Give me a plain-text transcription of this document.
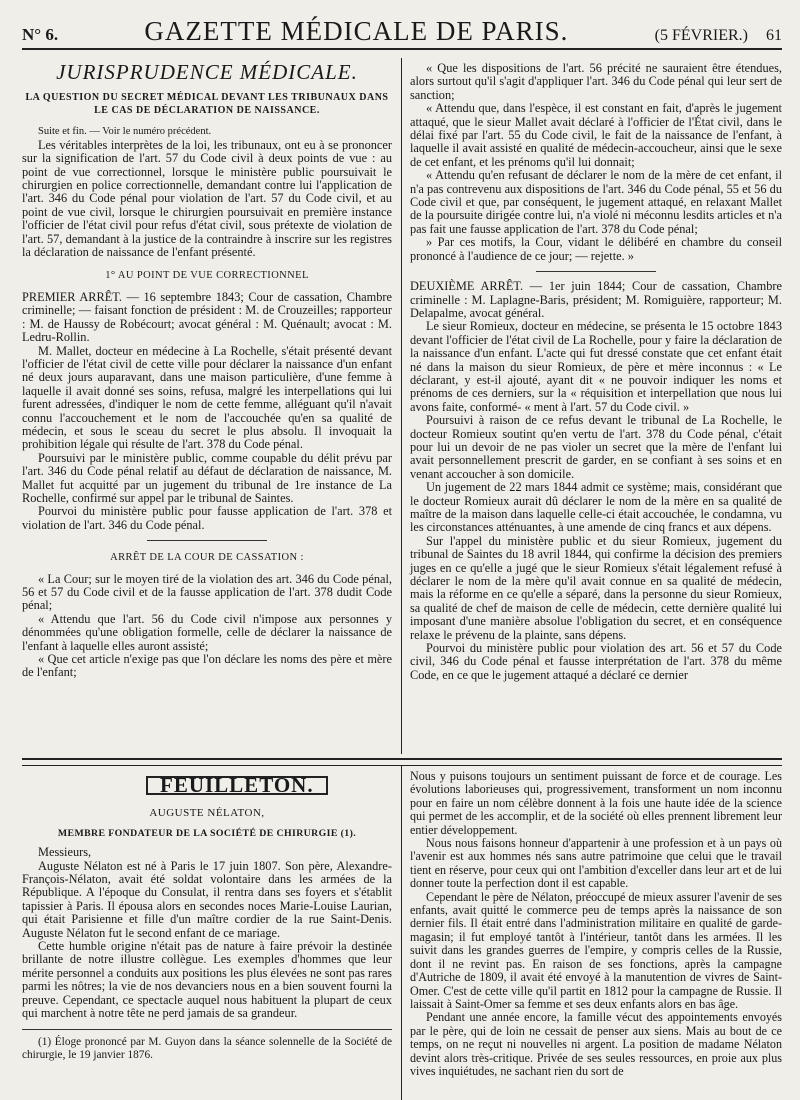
N° 6.	GAZETTE MÉDICALE DE PARIS.	(5 FÉVRIER.) 61
JURISPRUDENCE MÉDICALE.
LA QUESTION DU SECRET MÉDICAL DEVANT LES TRIBUNAUX DANS
LE CAS DE DÉCLARATION DE NAISSANCE.

Suite et fin. — Voir le numéro précédent.

Les véritables interprètes de la loi, les tribunaux, ont eu à se prononcer sur la signification de l'art. 57 du Code civil à deux points de vue : au point de vue correctionnel, lorsque le ministère public poursuivait le chirurgien en police correctionnelle, demandant contre lui l'application de l'art. 346 du Code pénal pour violation de l'art. 57 du Code civil, et au point de vue civil, lorsque le chirurgien poursuivait en première instance l'officier de l'état civil pour refus d'état civil, sous prétexte de violation de l'art. 57, demandant à la justice de la contraindre à inscrire sur les registres la déclaration de naissance de l'enfant présenté.

1° AU POINT DE VUE CORRECTIONNEL

PREMIER ARRÊT. — 16 septembre 1843; Cour de cassation, Chambre criminelle; — faisant fonction de président : M. de Crouzeilles; rapporteur : M. de Haussy de Robécourt; avocat général : M. Quénault; avocat : M. Ledru-Rollin.

M. Mallet, docteur en médecine à La Rochelle, s'était présenté devant l'officier de l'état civil de cette ville pour déclarer la naissance d'un enfant né deux jours auparavant, dans une maison particulière, d'une femme à laquelle il avait donné ses soins, refusa, malgré les interpellations qui lui furent adressées, d'indiquer le nom de cette femme, alléguant qu'il n'avait connu l'accouchement et le nom de l'accouchée qu'en sa qualité de médecin, et sous le sceau du secret le plus absolu. Il invoquait la prohibition légale qui résulte de l'art. 378 du Code pénal.

Poursuivi par le ministère public, comme coupable du délit prévu par l'art. 346 du Code pénal relatif au défaut de déclaration de naissance, M. Mallet fut acquitté par un jugement du tribunal de 1re instance de La Rochelle, confirmé sur appel par le tribunal de Saintes.

Pourvoi du ministère public pour fausse application de l'art. 378 et violation de l'art. 346 du Code pénal.

ARRÊT DE LA COUR DE CASSATION :

« La Cour; sur le moyen tiré de la violation des art. 346 du Code pénal, 56 et 57 du Code civil et de la fausse application de l'art. 378 dudit Code pénal;

« Attendu que l'art. 56 du Code civil n'impose aux personnes y dénommées qu'une obligation formelle, celle de déclarer la naissance de l'enfant à laquelle elles auront assisté;

« Que cet article n'exige pas que l'on déclare les noms des père et mère de l'enfant;

« Que les dispositions de l'art. 56 précité ne sauraient être étendues, alors surtout qu'il s'agit d'appliquer l'art. 346 du Code pénal qui leur sert de sanction;

« Attendu que, dans l'espèce, il est constant en fait, d'après le jugement attaqué, que le sieur Mallet avait déclaré à l'officier de l'État civil, dans le délai fixé par l'art. 55 du Code civil, le fait de la naissance de l'enfant, à laquelle il avait assisté en qualité de médecin-accoucheur, ainsi que le sexe de cet enfant, et les prénoms qu'il lui donnait;

« Attendu qu'en refusant de déclarer le nom de la mère de cet enfant, il n'a pas contrevenu aux dispositions de l'art. 346 du Code pénal, 55 et 56 du Code civil et que, par conséquent, le jugement attaqué, en relaxant Mallet de la poursuite dirigée contre lui, n'a violé ni méconnu lesdits articles et n'a pas fait une fausse application de l'art. 378 du Code pénal;

» Par ces motifs, la Cour, vidant le délibéré en chambre du conseil prononcé à l'audience de ce jour; — rejette. »

DEUXIÈME ARRÊT. — 1er juin 1844; Cour de cassation, Chambre criminelle : M. Laplagne-Baris, président; M. Romiguière, rapporteur; M. Delapalme, avocat général.

Le sieur Romieux, docteur en médecine, se présenta le 15 octobre 1843 devant l'officier de l'état civil de La Rochelle, pour y faire la déclaration de la naissance d'un enfant. L'acte qui fut dressé constate que cet enfant était né dans la maison du sieur Romieux, de père et mère inconnus : « Le déclarant, y est-il ajouté, ayant dit « ne pouvoir indiquer les noms et prénoms de ces derniers, sur la « réquisition et interpellation que nous lui avons faite, conformé- « ment à l'art. 57 du Code civil. »

Poursuivi à raison de ce refus devant le tribunal de La Rochelle, le docteur Romieux soutint qu'en vertu de l'art. 378 du Code pénal, c'était pour lui un devoir de ne pas violer un secret que la mère de l'enfant lui avait personnellement prescrit de garder, en se confiant à ses soins et en venant accoucher à son domicile.

Un jugement de 22 mars 1844 admit ce système; mais, considérant que le docteur Romieux aurait dû déclarer le nom de la mère en sa qualité de maître de la maison dans laquelle celle-ci était accouchée, le condamna, vu les circonstances atténuantes, à une amende de cinq francs et aux dépens.

Sur l'appel du ministère public et du sieur Romieux, jugement du tribunal de Saintes du 18 avril 1844, qui confirme la décision des premiers juges en ce qu'elle a jugé que le sieur Romieux s'était légalement refusé à déclarer le nom de la mère qu'il avait connue en sa qualité de médecin, mais la réforme en ce qu'elle a séparé, dans la personne du sieur Romieux, sa qualité de chef de maison de celle de médecin, cette dernière qualité lui imposant d'une manière absolue l'obligation du secret, et en conséquence relaxe le prévenu de la plainte, sans dépens.

Pourvoi du ministère public pour violation des art. 56 et 57 du Code civil, 346 du Code pénal et fausse interprétation de l'art. 378 du même Code, en ce que le jugement attaqué a déclaré ce dernier

FEUILLETON.
AUGUSTE NÉLATON,
MEMBRE FONDATEUR DE LA SOCIÉTÉ DE CHIRURGIE (1).

Messieurs,

Auguste Nélaton est né à Paris le 17 juin 1807. Son père, Alexandre-François-Nélaton, avait été soldat volontaire dans les armées de la République. A l'époque du Consulat, il rentra dans ses foyers et s'établit tapissier à Paris. Il épousa alors en secondes noces Marie-Louise Laurian, qui était Parisienne et fille d'un maître cordier de la rue Saint-Denis. Auguste Nélaton fut le second enfant de ce mariage.

Cette humble origine n'était pas de nature à faire prévoir la destinée brillante de notre illustre collègue. Les exemples d'hommes que leur mérite personnel a conduits aux positions les plus élevées ne sont pas rares parmi les nôtres; la vie de nos devanciers nous en a bien souvent fourni la preuve. Cependant, ce spectacle auquel nous habituent la plupart de ceux qui marchent à notre tête ne perd jamais de sa grandeur.

(1) Éloge prononcé par M. Guyon dans la séance solennelle de la Société de chirurgie, le 19 janvier 1876.

Nous y puisons toujours un sentiment puissant de force et de courage. Les évolutions laborieuses qui, progressivement, transforment un nom inconnu pour en faire un nom célèbre donnent à la fois une haute idée de la science qui permet de les accomplir, et de la société où elles prennent librement leur entier développement.

Nous nous faisons honneur d'appartenir à une profession et à un pays où l'avenir est aux hommes nés sans autre patrimoine que celui que le travail tient en réserve, pour ceux qui ont l'ambition d'exceller dans leur art et de lui donner toute la perfection dont il est capable.

Cependant le père de Nélaton, préoccupé de mieux assurer l'avenir de ses enfants, avait quitté le commerce peu de temps après la naissance de son dernier fils. Il était entré dans l'administration militaire en qualité de garde-magasin; il fut employé tantôt à l'intérieur, tantôt dans les armées. Il les suivit dans les grandes guerres de l'empire, y compris celles de la Russie, dont il ne revint pas. En raison de ses fonctions, après la campagne d'Autriche de 1809, il avait été envoyé à la manutention de vivres de Saint-Omer. C'est de cette ville qu'il partit en 1812 pour la campagne de Russie. Il laissait à Saint-Omer sa femme et ses deux enfants alors en bas âge.

Pendant une année encore, la famille vécut des appointements envoyés par le père, qui de loin ne cessait de penser aux siens. Mais au bout de ce temps, on ne reçut ni nouvelles ni argent. La position de madame Nélaton devint alors très-critique. Privée de ses seules ressources, en proie aux plus vives inquiétudes, ne sachant rien du sort de
